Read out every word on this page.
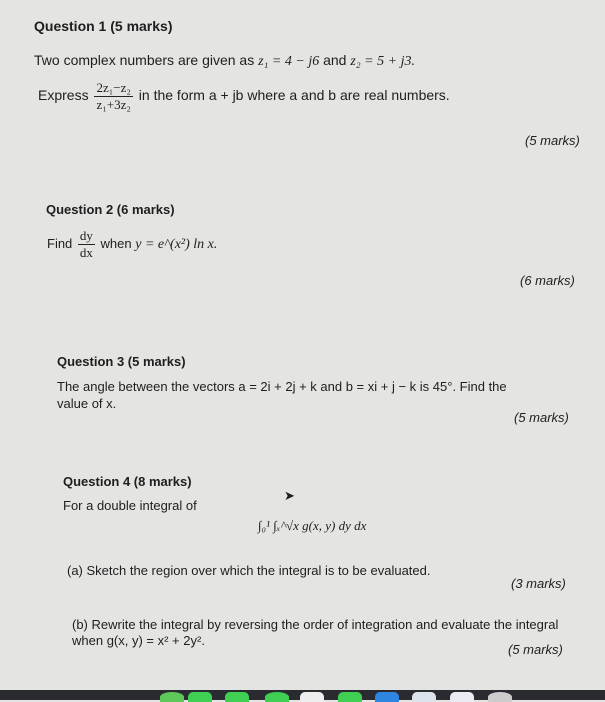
Question 1 (5 marks)
Two complex numbers are given as z₁ = 4 − j6 and z₂ = 5 + j3.
Express $\frac{\text{2z₁−z₂}}{\text{z₁+3z₂}}$ in the form a + jb where a and b are real numbers.
(5 marks)
Question 2 (6 marks)
Find $\frac{dy}{dx}$ when y = e^(x²) ln x.
(6 marks)
Question 3 (5 marks)
The angle between the vectors a = 2i + 2j + k and b = xi + j − k is 45°. Find the
value of x.
(5 marks)
Question 4 (8 marks)
For a double integral of
➤
∫₀¹ ∫ₓ^√x g(x, y) dy dx
(a) Sketch the region over which the integral is to be evaluated.
(3 marks)
(b) Rewrite the integral by reversing the order of integration and evaluate the integral
when g(x, y) = x² + 2y².
(5 marks)
